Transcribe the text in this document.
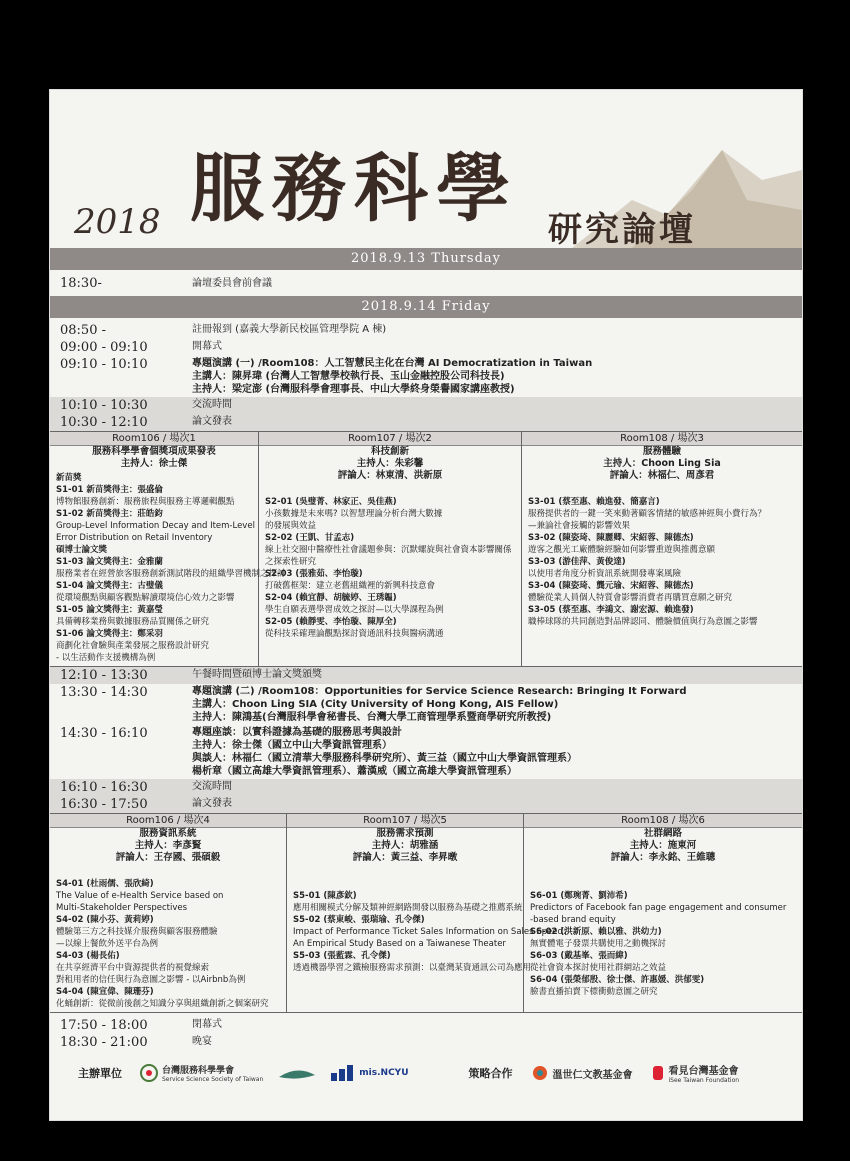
2018 服務科學 研究論壇
2018.9.13 Thursday
18:30-	論壇委員會前會議
2018.9.14 Friday
08:50 -	註冊報到 (嘉義大學新民校區管理學院 A 棟)
09:00 - 09:10	開幕式
09:10 - 10:10	專題演講 (一) /Room108：人工智慧民主化在台灣 AI Democratization in Taiwan
主講人：陳昇瑋 (台灣人工智慧學校執行長、玉山金融控股公司科技長)
主持人：梁定澎 (台灣服科學會理事長、中山大學終身榮譽國家講座教授)
10:10 - 10:30	交流時間
10:30 - 12:10	論文發表
Room106 / 場次1
服務科學學會個獎項成果發表
主持人：徐士傑
新苗獎
S1-01 新苗獎得主：張盛倫
博物館服務創新：服務旅程與服務主導邏輯觀點
S1-02 新苗獎得主：莊皓鈞
Group-Level Information Decay and Item-Level
Error Distribution on Retail Inventory
碩博士論文獎
S1-03 論文獎得主：金雅蘭
服務業者在經營旅客服務創新測試階段的組織學習機制之探討
S1-04 論文獎得主：古璧儀
從環境觀點與顧客觀點解讀環境信心效力之影響
S1-05 論文獎得主：黃嘉瑩
具備轉移業務與數據服務品質關係之研究
S1-06 論文獎得主：鄭采羽
商劃化社會驗與產業發展之服務設計研究
- 以生活動作支援機構為例
Room107 / 場次2
科技創新
主持人：朱彩馨
評論人：林東清、洪新原

S2-01 (吳璧菁、林家正、吳佳燕)
小孩數據是未來嗎? 以智慧理論分析台灣大數據
的發展與效益
S2-02 (王凱、甘孟志)
線上社交圈中醫療性社會議題參與：沉默螺旋與社會資本影響關係
之探索性研究
S2-03 (張雅茹、李怡璇)
打破舊框架：建立老舊組織裡的新興科技意會
S2-04 (賴宜靜、胡毓婷、王琇韞)
學生自願表選學習成效之探討—以大學課程為例
S2-05 (賴靜雯、李怡璇、陳厚全)
從科技采確理論觀點探討資通訊科技與醫病溝通
Room108 / 場次3
服務體驗
主持人：Choon Ling Sia
評論人：林福仁、周彥君

S3-01 (蔡至惠、賴進發、簡嘉言)
服務提供者的一鍵一笑來動著顧客情緒的敏感神經與小費行為？
—兼論社會接觸的影響效果
S3-02 (陳姿琦、陳麗卿、宋紹蓉、陳德杰)
遊客之觀光工廠體驗經驗如何影響重遊與推薦意願
S3-03 (游佳萍、黃俊達)
以使用者角度分析資訊系統開發專案風險
S3-04 (陳姿琦、龔元瑜、宋紹蓉、陳德杰)
體驗從業人員個人特質會影響消費者再購買意願之研究
S3-05 (蔡至惠、李鴻文、謝宏源、賴進發)
職棒球隊的共同創造對品牌認同、體驗價值與行為意圖之影響
12:10 - 13:30	午餐時間暨碩博士論文獎頒獎
13:30 - 14:30	專題演講 (二) /Room108：Opportunities for Service Science Research: Bringing It Forward
主講人：Choon Ling SIA (City University of Hong Kong, AIS Fellow)
主持人：陳鴻基(台灣服科學會秘書長、台灣大學工商管理學系暨商學研究所教授)
14:30 - 16:10	專題座談：以實科證據為基礎的服務思考與設計
主持人：徐士傑（國立中山大學資訊管理系）
與談人：林福仁（國立清華大學服務科學研究所）、黃三益（國立中山大學資訊管理系）
楊析章（國立高雄大學資訊管理系）、蕭漢威（國立高雄大學資訊管理系）
16:10 - 16:30	交流時間
16:30 - 17:50	論文發表
Room106 / 場次4
服務資訊系統
主持人：李彥賢
評論人：王存國、張碩毅

S4-01 (杜雨儒、張欣綺)
The Value of e-Health Service based on
Multi-Stakeholder Perspectives
S4-02 (陳小芬、黃莉婷)
體驗第三方之科技媒介服務與顧客服務體驗
—以線上餐飲外送平台為例
S4-03 (楊長佑)
在共享經濟平台中資源提供者的視覺線索
對租用者的信任與行為意圖之影響 - 以Airbnb為例
S4-04 (陳宣偉、陳珊芬)
化蛹創新：從微前後創之知識分享與組織創新之個案研究
Room107 / 場次5
服務需求預測
主持人：胡雅涵
評論人：黃三益、李昇暾

S5-01 (陳彥欽)
應用相關模式分解及類神經網路開發以服務為基礎之推薦系統
S5-02 (蔡東峻、張瑞瑜、孔令傑)
Impact of Performance Ticket Sales Information on Sales Speed:
An Empirical Study Based on a Taiwanese Theater
S5-03 (張藍霖、孔令傑)
透過機器學習之鐵檢服務需求預測：以臺灣某資通訊公司為應用
Room108 / 場次6
社群網路
主持人：施東河
評論人：李永銘、王維聰

S6-01 (鄭琬菁、劉沛希)
Predictors of Facebook fan page engagement and consumer
-based brand equity
S6-02 (洪新原、賴以雅、洪幼力)
無實體電子發票共購使用之動機探討
S6-03 (戴基峯、張而緯)
從社會資本探討使用社群網站之效益
S6-04 (張榮郁殷、徐士傑、許惠媛、洪郁雯)
臉書直播拍賣下標衝動意圖之研究
17:50 - 18:00	閉幕式
18:30 - 21:00	晚宴
主辦單位	台灣服務科學學會
Service Science Society of Taiwan
mis.NCYU	策略合作	溫世仁文教基金會	看見台灣基金會
iSee Taiwan Foundation
